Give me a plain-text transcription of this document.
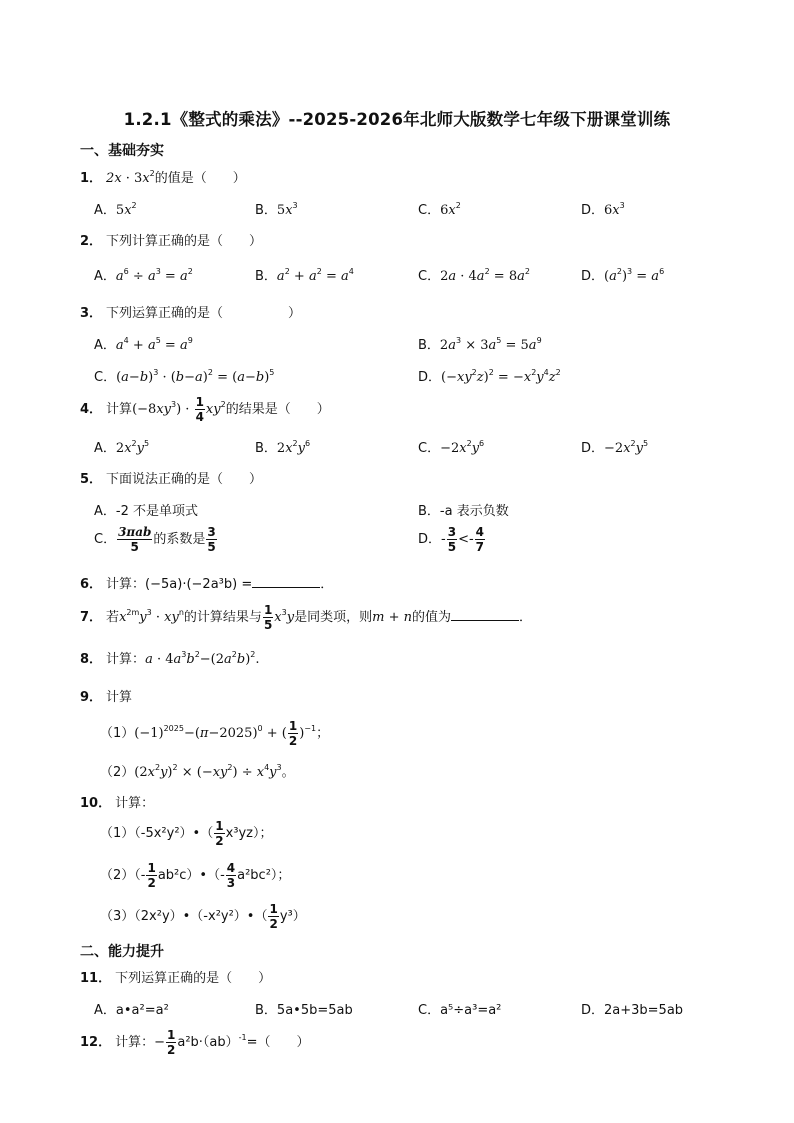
1.2.1《整式的乘法》--2025-2026年北师大版数学七年级下册课堂训练
一、基础夯实
1． $2x \cdot 3x^2$的值是（　　）
A．$5x^2$	B．$5x^3$	C．$6x^2$	D．$6x^3$
2． 下列计算正确的是（　　）
A．$a^6 \div a^3 = a^2$	B．$a^2 + a^2 = a^4$	C．$2a \cdot 4a^2 = 8a^2$	D．$(a^2)^3 = a^6$
3． 下列运算正确的是（　　　　　）
A．$a^4 + a^5 = a^9$	B．$2a^3 \times 3a^5 = 5a^9$
C．$(a-b)^3 \cdot (b-a)^2 = (a-b)^5$	D．$(-xy^2z)^2 = -x^2y^4z^2$
4． 计算$(-8xy^3) \cdot \frac{1}{4} xy^2$的结果是（　　）
A．$2x^2y^5$	B．$2x^2y^6$	C．$-2x^2y^6$	D．$-2x^2y^5$
5． 下面说法正确的是（　　）
A．-2 不是单项式	B．-a 表示负数
C． $\frac{\text{3πab}}{5}$ 的系数是 $\frac{3}{5}$	D．- $\frac{3}{5} <- \frac{4}{7}$
6． 计算：(−5a)·(−2a³b) =	．
7． 若$x^{2m}y^3 \cdot xy^n$的计算结果与 $\frac{1}{5} x^3y$是同类项，则m + n的值为	．
8． 计算：$a \cdot 4a^3b^2-(2a^2b)^2$.
9． 计算
$(1)(-1)^{2025}-(\pi-2025)^0$ + ( $\frac{1}{2} )^{-1}$；
$(2)(2x^2y)^2 \times (-xy^2) \div x^4y^3$。
10． 计算：
（1）（-5x²y²）•（ $\frac{1}{2} x^3yz$）；
$(2)(- \frac{1}{2}$ ab²c）•（- $\frac{4}{3} a^2bc^2$）；
（3）（2x²y）•（-x²y²）•（ $\frac{1}{2} y^3$）
二、能力提升
11． 下列运算正确的是（　　）
A．a•a²=a²	B．5a•5b=5ab	C．a⁵÷a³=a²	D．2a+3b=5ab
12． 计算：− $\frac{1}{2} a^2b\cdot(ab)^{-1}=$（　　）
